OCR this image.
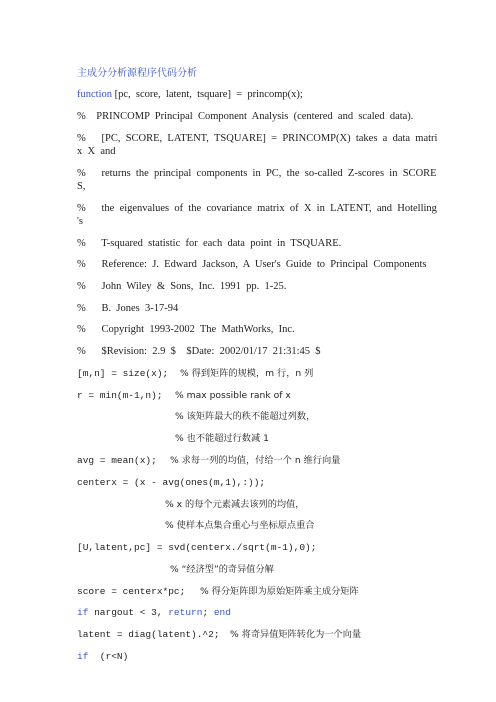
主成分分析源程序代码分析
function [pc,  score,  latent,  tsquare]  =  princomp(x);
%    PRINCOMP  Principal  Component  Analysis  (centered  and  scaled  data).
%      [PC,  SCORE,  LATENT,  TSQUARE]  =  PRINCOMP(X)  takes  a  data  matri
x  X  and
%      returns  the  principal  components  in  PC,  the  so-called  Z-scores  in  SCORE
S,
%      the  eigenvalues  of  the  covariance  matrix  of  X  in  LATENT,  and  Hotelling
's
%      T-squared  statistic  for  each  data  point  in  TSQUARE.
%      Reference:  J.  Edward  Jackson,  A  User's  Guide  to  Principal  Components
%      John  Wiley  &  Sons,  Inc.  1991  pp.  1-25.
%      B.  Jones  3-17-94
%      Copyright  1993-2002  The  MathWorks,  Inc.
%      $Revision:  2.9  $    $Date:  2002/01/17  21:31:45  $
[m,n] = size(x); % 得到矩阵的规模，m 行，n 列
r = min(m-1,n); % max possible rank of x
% 该矩阵最大的秩不能超过列数，
% 也不能超过行数减 1
avg = mean(x); % 求每一列的均值，付给一个 n 维行向量
centerx = (x - avg(ones(m,1),:));
% x 的每个元素减去该列的均值，
% 使样本点集合重心与坐标原点重合
[U,latent,pc] = svd(centerx./sqrt(m-1),0);
% “经济型”的奇异值分解
score = centerx*pc; % 得分矩阵即为原始矩阵乘主成分矩阵
if nargout < 3, return; end
latent = diag(latent).^2; % 将奇异值矩阵转化为一个向量
if  (r<N)
